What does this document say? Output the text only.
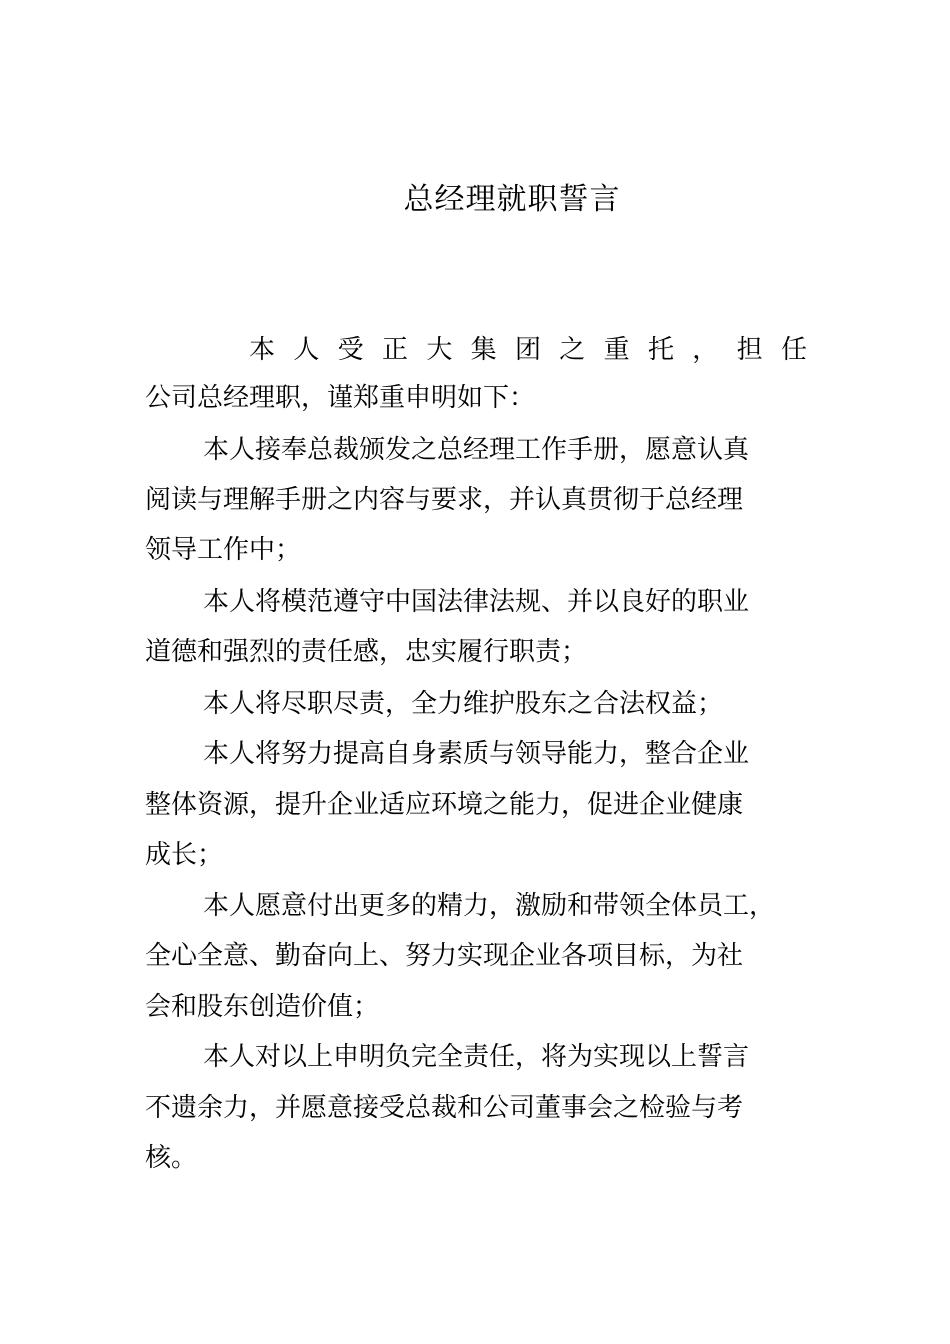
总经理就职誓言
本 人 受 正 大 集 团 之 重 托 ， 担 任
公司总经理职，谨郑重申明如下：
本人接奉总裁颁发之总经理工作手册，愿意认真
阅读与理解手册之内容与要求，并认真贯彻于总经理
领导工作中；
本人将模范遵守中国法律法规、并以良好的职业
道德和强烈的责任感，忠实履行职责；
本人将尽职尽责，全力维护股东之合法权益；
本人将努力提高自身素质与领导能力，整合企业
整体资源，提升企业适应环境之能力，促进企业健康
成长；
本人愿意付出更多的精力，激励和带领全体员工，
全心全意、勤奋向上、努力实现企业各项目标，为社
会和股东创造价值；
本人对以上申明负完全责任，将为实现以上誓言
不遗余力，并愿意接受总裁和公司董事会之检验与考
核。
